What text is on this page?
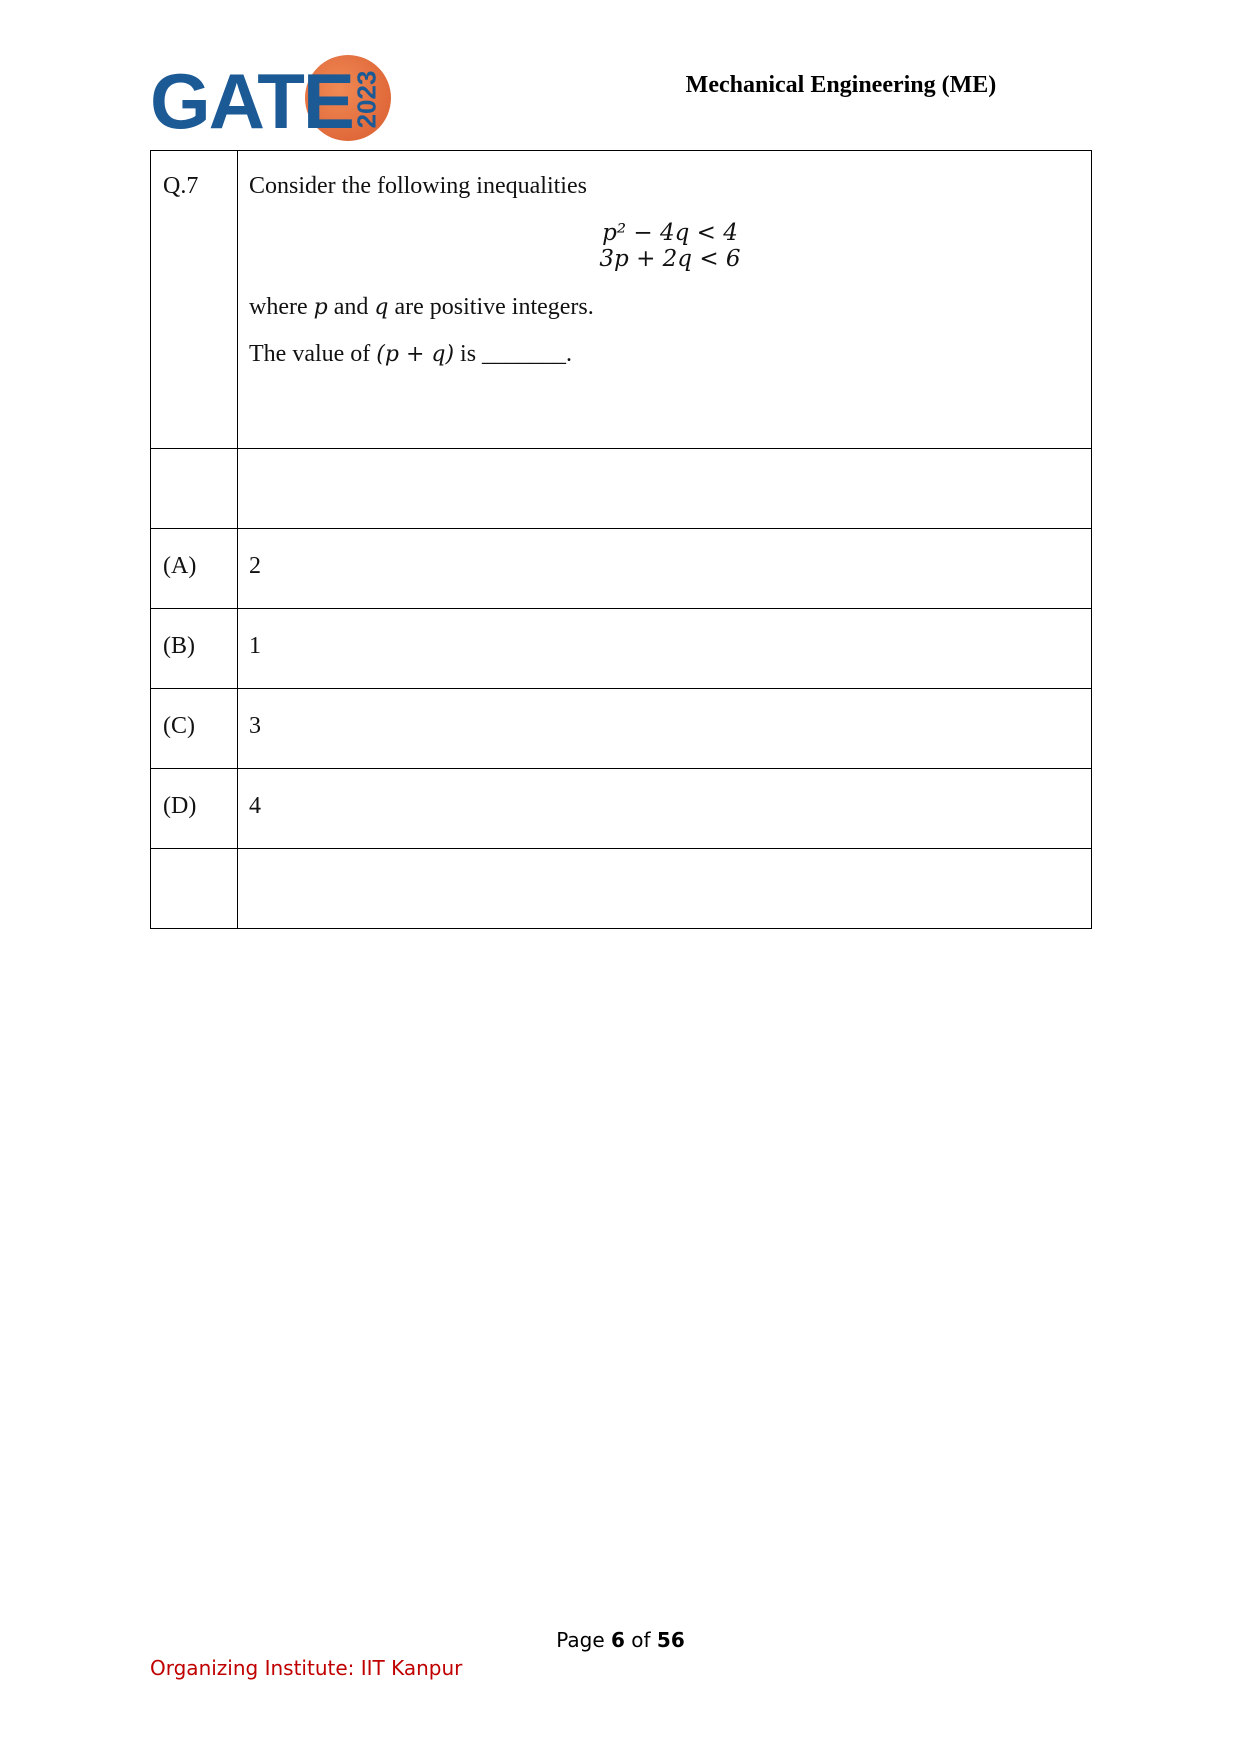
GATE
2023	Mechanical Engineering (ME)
Q.7	Consider the following inequalities

p² − 4q < 4

3p + 2q < 6

where p and q are positive integers.

The value of (p + q) is _______.

(A)	2
(B)	1
(C)	3
(D)	4

Page 6 of 56
Organizing Institute: IIT Kanpur
